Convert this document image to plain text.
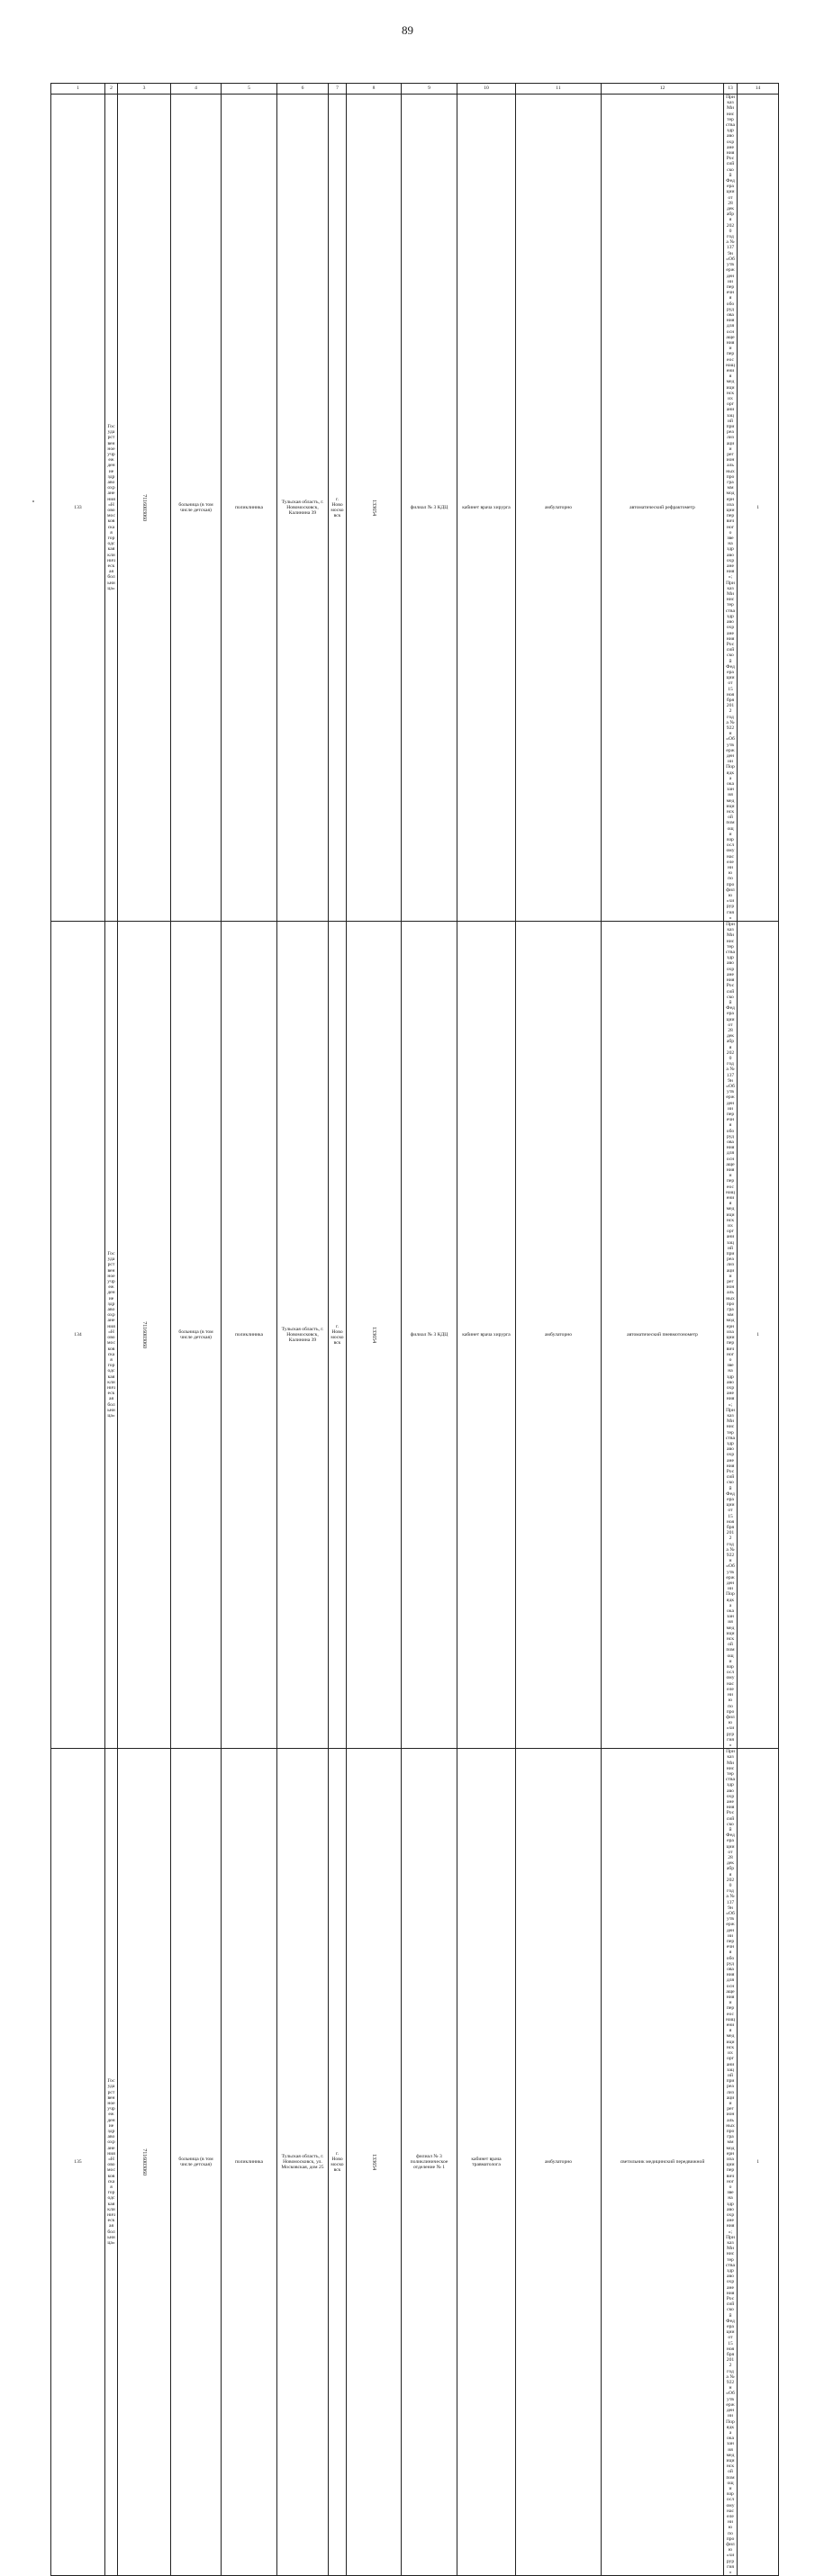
89
1	2	3	4	5	6	7	8	9	10	11	12	13	14	
133	Государственное учреждение здравоохранения «Новомосковская городская клиническая больница»	7116003060	больница (в том числе детская)	поликлиника	Тульская область, г. Новомосковск, Калинина 39	г. Новомосковск	133654	филиал № 3 КДЦ	кабинет врача хирурга	амбулаторно	автоматический рефрактометр	Приказ Министерства здравоохранения Российской Федерации от 28 декабря 2020 года № 1379н «Об утверждении перечня оборудования для оснащения и переоснащения медицинских организаций при реализации региональных программ модернизации первичного звена здравоохранения»; Приказ Министерства здравоохранения Российской Федерации от 15 ноября 2012 года № 922н «Об утверждении Порядка оказания медицинской помощи взрослому населению по профилю «хирургия»	1	
134	Государственное учреждение здравоохранения «Новомосковская городская клиническая больница»	7116003060	больница (в том числе детская)	поликлиника	Тульская область, г. Новомосковск, Калинина 39	г. Новомосковск	133654	филиал № 3 КДЦ	кабинет врача хирурга	амбулаторно	автоматический пневмотонометр	Приказ Министерства здравоохранения Российской Федерации от 28 декабря 2020 года № 1379н «Об утверждении перечня оборудования для оснащения и переоснащения медицинских организаций при реализации региональных программ модернизации первичного звена здравоохранения»; Приказ Министерства здравоохранения Российской Федерации от 15 ноября 2012 года № 922н «Об утверждении Порядка оказания медицинской помощи взрослому населению по профилю «хирургия»	1	
135	Государственное учреждение здравоохранения «Новомосковская городская клиническая больница»	7116003060	больница (в том числе детская)	поликлиника	Тульская область, г. Новомосковск, ул. Московская, дом 25	г. Новомосковск	133654	филиал № 3 поликлиническое отделение № 1	кабинет врача травматолога	амбулаторно	светильник медицинский передвижной	Приказ Министерства здравоохранения Российской Федерации от 28 декабря 2020 года № 1379н «Об утверждении перечня оборудования для оснащения и переоснащения медицинских организаций при реализации региональных программ модернизации первичного звена здравоохранения»; Приказ Министерства здравоохранения Российской Федерации от 15 ноября 2012 года № 922н «Об утверждении Порядка оказания медицинской помощи взрослому населению по профилю «хирургия»	1	
